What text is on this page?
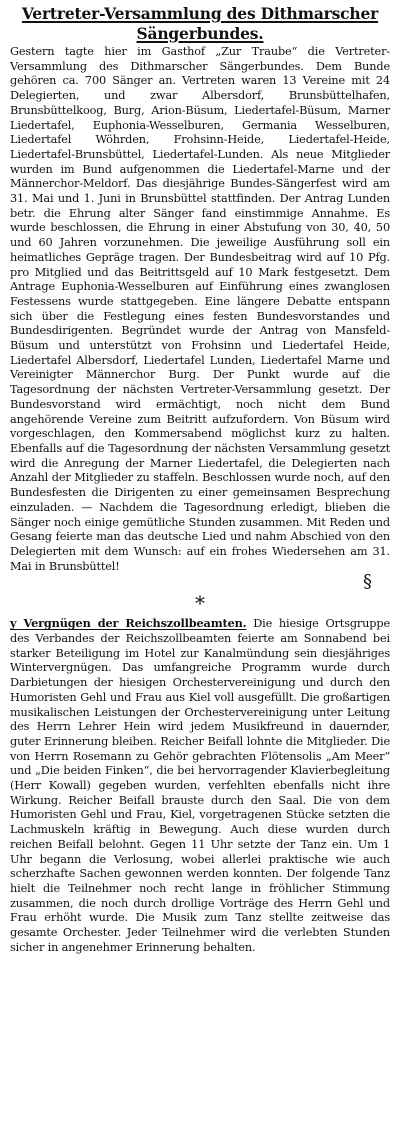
Vertreter-Versammlung des Dithmarscher
Sängerbundes.

Gestern tagte hier im Gasthof „Zur Traube“ die Vertreter-Versammlung des Dithmarscher Sängerbundes. Dem Bunde gehören ca. 700 Sänger an. Vertreten waren 13 Vereine mit 24 Delegierten, und zwar Albersdorf, Brunsbüttelhafen, Brunsbüttelkoog, Burg, Arion-Büsum, Liedertafel-Büsum, Marner Liedertafel, Euphonia-Wesselburen, Germania Wesselburen, Liedertafel Wöhrden, Frohsinn-Heide, Liedertafel-Heide, Liedertafel-Brunsbüttel, Liedertafel-Lunden. Als neue Mitglieder wurden im Bund aufgenommen die Liedertafel-Marne und der Männerchor-Meldorf. Das diesjährige Bundes-Sängerfest wird am 31. Mai und 1. Juni in Brunsbüttel stattfinden. Der Antrag Lunden betr. die Ehrung alter Sänger fand einstimmige Annahme. Es wurde beschlossen, die Ehrung in einer Abstufung von 30, 40, 50 und 60 Jahren vorzunehmen. Die jeweilige Ausführung soll ein heimatliches Gepräge tragen. Der Bundesbeitrag wird auf 10 Pfg. pro Mitglied und das Beitrittsgeld auf 10 Mark festgesetzt. Dem Antrage Euphonia-Wesselburen auf Einführung eines zwanglosen Festessens wurde stattgegeben. Eine längere Debatte entspann sich über die Festlegung eines festen Bundesvorstandes und Bundesdirigenten. Begründet wurde der Antrag von Mansfeld-Büsum und unterstützt von Frohsinn und Liedertafel Heide, Liedertafel Albersdorf, Liedertafel Lunden, Liedertafel Marne und Vereinigter Männerchor Burg. Der Punkt wurde auf die Tagesordnung der nächsten Vertreter-Versammlung gesetzt. Der Bundesvorstand wird ermächtigt, noch nicht dem Bund angehörende Vereine zum Beitritt aufzufordern. Von Büsum wird vorgeschlagen, den Kommersabend möglichst kurz zu halten. Ebenfalls auf die Tagesordnung der nächsten Versammlung gesetzt wird die Anregung der Marner Liedertafel, die Delegierten nach Anzahl der Mitglieder zu staffeln. Beschlossen wurde noch, auf den Bundesfesten die Dirigenten zu einer gemeinsamen Besprechung einzuladen. — Nachdem die Tagesordnung erledigt, blieben die Sänger noch einige gemütliche Stunden zusammen. Mit Reden und Gesang feierte man das deutsche Lied und nahm Abschied von den Delegierten mit dem Wunsch: auf ein frohes Wiedersehen am 31. Mai in Brunsbüttel!

§
*

y Vergnügen der Reichszollbeamten. Die hiesige Ortsgruppe des Verbandes der Reichszollbeamten feierte am Sonnabend bei starker Beteiligung im Hotel zur Kanalmündung sein diesjähriges Wintervergnügen. Das umfangreiche Programm wurde durch Darbietungen der hiesigen Orchestervereinigung und durch den Humoristen Gehl und Frau aus Kiel voll ausgefüllt. Die großartigen musikalischen Leistungen der Orchestervereinigung unter Leitung des Herrn Lehrer Hein wird jedem Musikfreund in dauernder, guter Erinnerung bleiben. Reicher Beifall lohnte die Mitglieder. Die von Herrn Rosemann zu Gehör gebrachten Flötensolis „Am Meer“ und „Die beiden Finken“, die bei hervorragender Klavierbegleitung (Herr Kowall) gegeben wurden, verfehlten ebenfalls nicht ihre Wirkung. Reicher Beifall brauste durch den Saal. Die von dem Humoristen Gehl und Frau, Kiel, vorgetragenen Stücke setzten die Lachmuskeln kräftig in Bewegung. Auch diese wurden durch reichen Beifall belohnt. Gegen 11 Uhr setzte der Tanz ein. Um 1 Uhr begann die Verlosung, wobei allerlei praktische wie auch scherzhafte Sachen gewonnen werden konnten. Der folgende Tanz hielt die Teilnehmer noch recht lange in fröhlicher Stimmung zusammen, die noch durch drollige Vorträge des Herrn Gehl und Frau erhöht wurde. Die Musik zum Tanz stellte zeitweise das gesamte Orchester. Jeder Teilnehmer wird die verlebten Stunden sicher in angenehmer Erinnerung behalten.
